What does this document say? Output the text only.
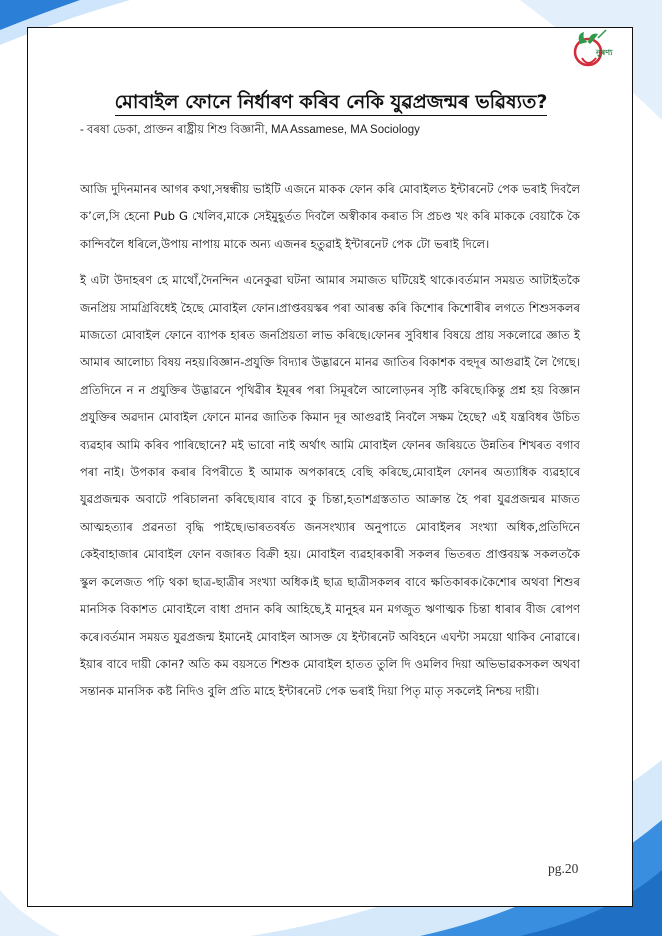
নুৰণ্য
মোবাইল ফোনে নিৰ্ধাৰণ কৰিব নেকি যুৱপ্ৰজন্মৰ ভৱিষ্যত?
- বৰষা ডেকা, প্ৰাক্তন ৰাষ্ট্ৰীয় শিশু বিজ্ঞানী, MA Assamese, MA Sociology

আজি দুদিনমানৰ আগৰ কথা,সম্বন্ধীয় ভাইটি এজনে মাকক ফোন কৰি মোবাইলত ইন্টাৰনেট পেক ভৰাই দিবলৈ ক’লে,সি হেনো Pub G খেলিব,মাকে সেইমুহূৰ্তত দিবলৈ অস্বীকাৰ কৰাত সি প্ৰচণ্ড খং কৰি মাককে বেয়াকৈ কৈ কান্দিবলৈ ধৰিলে,উপায় নাপায় মাকে অন্য এজনৰ হতুৱাই ইন্টাৰনেট পেক টো ভৰাই দিলে।

ই এটা উদাহৰণ হে মাথোঁ,দৈনন্দিন এনেকুৱা ঘটনা আমাৰ সমাজত ঘটিয়েই থাকে।বৰ্তমান সময়ত আটাইতকৈ জনপ্ৰিয় সামগ্ৰিবিধেই হৈছে মোবাইল ফোন।প্ৰাপ্তবয়স্কৰ পৰা আৰম্ভ কৰি কিশোৰ কিশোৰীৰ লগতে শিশুসকলৰ মাজতো মোবাইল ফোনে ব্যাপক হাৰত জনপ্ৰিয়তা লাভ কৰিছে।ফোনৰ সুবিধাৰ বিষয়ে প্ৰায় সকলোৱে জ্ঞাত ই আমাৰ আলোচ্য বিষয় নহয়।বিজ্ঞান-প্ৰযুক্তি বিদ্যাৰ উদ্ভাৱনে মানৱ জাতিৰ বিকাশক বহুদূৰ আগুৱাই লৈ গৈছে।প্ৰতিদিনে ন ন প্ৰযুক্তিৰ উদ্ভাৱনে পৃথিৱীৰ ইমূৰৰ পৰা সিমূৰলৈ আলোড়নৰ সৃষ্টি কৰিছে।কিন্তু প্ৰশ্ন হয় বিজ্ঞান প্ৰযুক্তিৰ অৱদান মোবাইল ফোনে মানৱ জাতিক কিমান দূৰ আগুৱাই নিবলৈ সক্ষম হৈছে? এই যন্ত্ৰবিধৰ উচিত ব্যৱহাৰ আমি কৰিব পাৰিছোনে? মই ভাবো নাই অৰ্থাৎ আমি মোবাইল ফোনৰ জৰিয়তে উন্নতিৰ শিখৰত বগাব পৰা নাই। উপকাৰ কৰাৰ বিপৰীতে ই আমাক অপকাৰহে বেছি কৰিছে,মোবাইল ফোনৰ অত্যাধিক ব্যৱহাৰে যুৱপ্ৰজন্মক অবাটে পৰিচালনা কৰিছে।যাৰ বাবে কু চিন্তা,হতাশগ্ৰস্ততাত আক্ৰান্ত হৈ পৰা যুৱপ্ৰজন্মৰ মাজত আত্মহত্যাৰ প্ৰৱনতা বৃদ্ধি পাইছে।ভাৰতবৰ্ষত জনসংখ্যাৰ অনুপাতে মোবাইলৰ সংখ্যা অধিক,প্ৰতিদিনে কেইবাহাজাৰ মোবাইল ফোন বজাৰত বিক্ৰী হয়। মোবাইল ব্যৱহাৰকাৰী সকলৰ ভিতৰত প্ৰাপ্তবয়স্ক সকলতকৈ স্কুল কলেজত পঢ়ি থকা ছাত্ৰ-ছাত্ৰীৰ সংখ্যা অধিক।ই ছাত্ৰ ছাত্ৰীসকলৰ বাবে ক্ষতিকাৰক।কৈশোৰ অথবা শিশুৰ মানসিক বিকাশত মোবাইলে বাধা প্ৰদান কৰি আহিছে,ই মানুহৰ মন মগজুত ঋণাত্মক চিন্তা ধাৰাৰ বীজ ৰোপণ কৰে।বৰ্তমান সময়ত যুৱপ্ৰজন্ম ইমানেই মোবাইল আসক্ত যে ইন্টাৰনেট অবিহনে এঘন্টা সময়ো থাকিব নোৱাৰে।ইয়াৰ বাবে দায়ী কোন? অতি কম বয়সতে শিশুক মোবাইল হাতত তুলি দি ওমলিব দিয়া অভিভাৱকসকল অথবা সন্তানক মানসিক কষ্ট নিদিও বুলি প্ৰতি মাহে ইন্টাৰনেট পেক ভৰাই দিয়া পিতৃ মাতৃ সকলেই নিশ্চয় দায়ী।

pg.20
